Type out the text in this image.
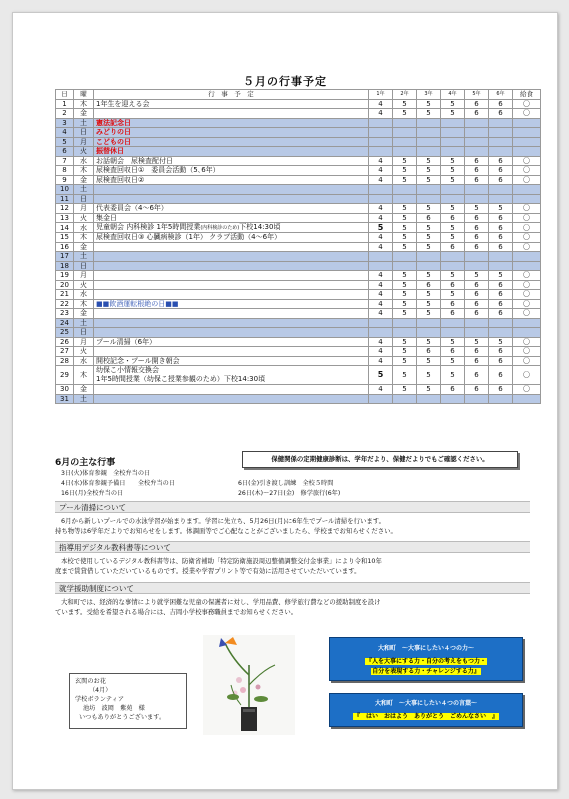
５月の行事予定
日	曜	行　事　予　定	1年	2年	3年	4年	5年	6年	給食
1	木	1年生を迎える会	4	5	5	5	6	6	〇
2	金		4	5	5	5	6	6	〇
3	土	憲法記念日							
4	日	みどりの日							
5	月	こどもの日							
6	火	振替休日							
7	水	お話朝会　尿検査配付日	4	5	5	5	6	6	〇
8	木	尿検査回収日①　委員会活動（5､6年）	4	5	5	5	6	6	〇
9	金	尿検査回収日②	4	5	5	5	6	6	〇
10	土								
11	日								
12	月	代表委員会（4～6年）	4	5	5	5	5	5	〇
13	火	集金日	4	5	6	6	6	6	〇
14	水	児童朝会 内科検診 1年5時間授業(内科検診のため)下校14:30頃	5	5	5	5	6	6	〇
15	木	尿検査回収日③ 心臓病検診（1年） クラブ活動（4～6年）	4	5	5	5	6	6	〇
16	金		4	5	5	6	6	6	〇
17	土								
18	日								
19	月		4	5	5	5	5	5	〇
20	火		4	5	6	6	6	6	〇
21	水		4	5	5	5	6	6	〇
22	木	■■飲酒運転根絶の日■■	4	5	5	6	6	6	〇
23	金		4	5	5	6	6	6	〇
24	土								
25	日								
26	月	プール清掃（6年）	4	5	5	5	5	5	〇
27	火		4	5	6	6	6	6	〇
28	水	開校記念・プール開き朝会	4	5	5	5	6	6	〇
29	木	幼保こ小情報交換会
1年5時間授業（幼保こ授業参観のため）下校14:30頃	5	5	5	5	6	6	〇
30	金		4	5	5	6	6	6	〇
31	土								
6月の主な行事
3日(火)体育参観　全校弁当の日
4日(水)体育参観予備日　　全校弁当の日
16日(月)全校弁当の日
6日(金)引き渡し訓練　全校５時間
26日(木)～27日(金)　修学旅行(6年)
保健関係の定期健康診断は、学年だより、保健だよりでもご確認ください。
プール清掃について
6月から新しいプールでの水泳学習が始まります。学習に先立ち、5月26日(月)に6年生でプール清掃を行います。
持ち物等は6学年だよりでお知らせをします。体調面等でご心配なことがございましたら、学校までお知らせください。
指導用デジタル教科書等について
本校で使用しているデジタル教科書等は、防衛省補助「特定防衛施設周辺整備調整交付金事業」により令和10年
度まで賃貸借していただいているものです。授業や学習プリント等で有効に活用させていただいています。
就学援助制度について
大和町では、経済的な事情により就学困難な児童の保護者に対し、学用品費、修学旅行費などの援助制度を設け
ています。受給を希望される場合には、吉岡小学校事務職員までお知らせください。
玄関のお花
（4月）
学校ボランティア
池坊　波岡　紫苑　様
いつもありがとうございます。
大和町　～大事にしたい４つの力～
『人を大事にする力・自分の考えをもつ力・
自分を表現する力・チャレンジする力』
大和町　～大事にしたい４つの言葉～
『　はい　おはよう　ありがとう　ごめんなさい　』
